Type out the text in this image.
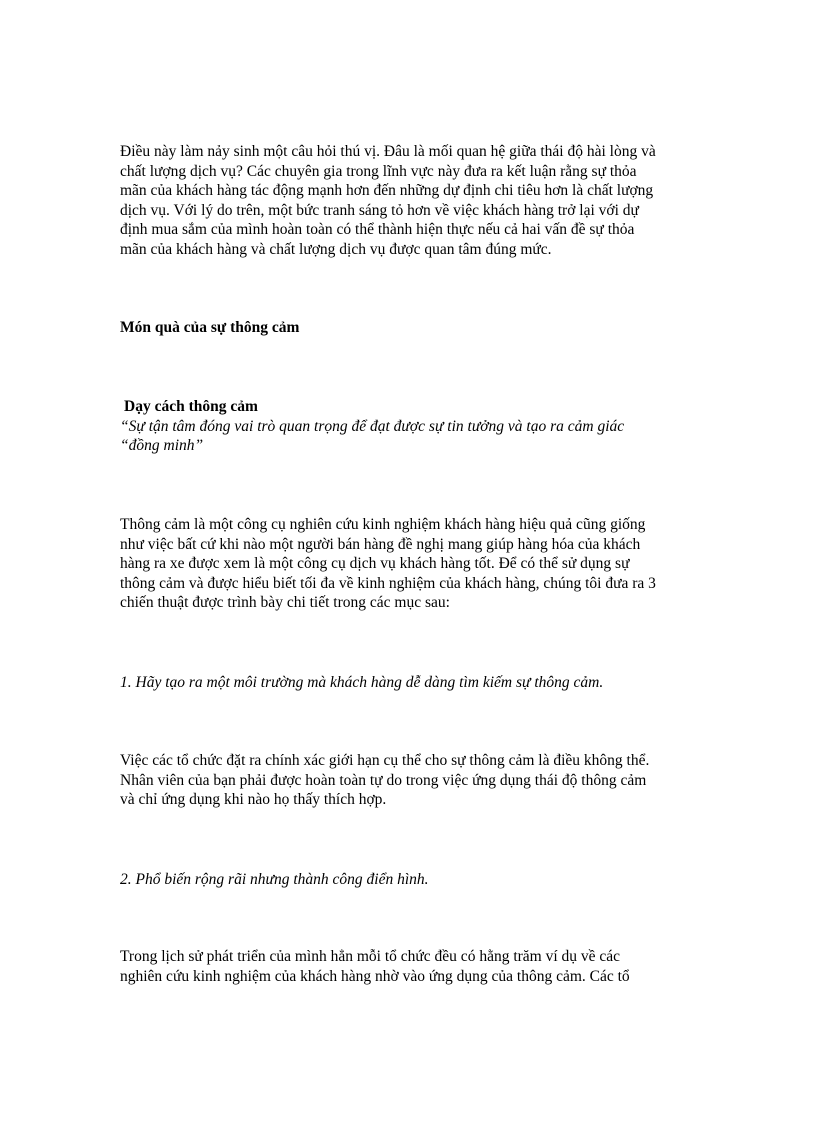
Điều này làm nảy sinh một câu hỏi thú vị. Đâu là mối quan hệ giữa thái độ hài lòng và
chất lượng dịch vụ? Các chuyên gia trong lĩnh vực này đưa ra kết luận rằng sự thỏa
mãn của khách hàng tác động mạnh hơn đến những dự định chi tiêu hơn là chất lượng
dịch vụ. Với lý do trên, một bức tranh sáng tỏ hơn về việc khách hàng trở lại với dự
định mua sắm của mình hoàn toàn có thể thành hiện thực nếu cả hai vấn đề sự thỏa
mãn của khách hàng và chất lượng dịch vụ được quan tâm đúng mức.
Món quà của sự thông cảm
Dạy cách thông cảm
“Sự tận tâm đóng vai trò quan trọng để đạt được sự tin tưởng và tạo ra cảm giác
“đồng minh”
Thông cảm là một công cụ nghiên cứu kinh nghiệm khách hàng hiệu quả cũng giống
như việc bất cứ khi nào một người bán hàng đề nghị mang giúp hàng hóa của khách
hàng ra xe được xem là một công cụ dịch vụ khách hàng tốt. Để có thể sử dụng sự
thông cảm và được hiểu biết tối đa về kinh nghiệm của khách hàng, chúng tôi đưa ra 3
chiến thuật được trình bày chi tiết trong các mục sau:
1. Hãy tạo ra một môi trường mà khách hàng dễ dàng tìm kiếm sự thông cảm.
Việc các tổ chức đặt ra chính xác giới hạn cụ thể cho sự thông cảm là điều không thể.
Nhân viên của bạn phải được hoàn toàn tự do trong việc ứng dụng thái độ thông cảm
và chỉ ứng dụng khi nào họ thấy thích hợp.
2. Phổ biến rộng rãi nhưng thành công điển hình.
Trong lịch sử phát triển của mình hẳn mỗi tổ chức đều có hằng trăm ví dụ về các
nghiên cứu kinh nghiệm của khách hàng nhờ vào ứng dụng của thông cảm. Các tổ
